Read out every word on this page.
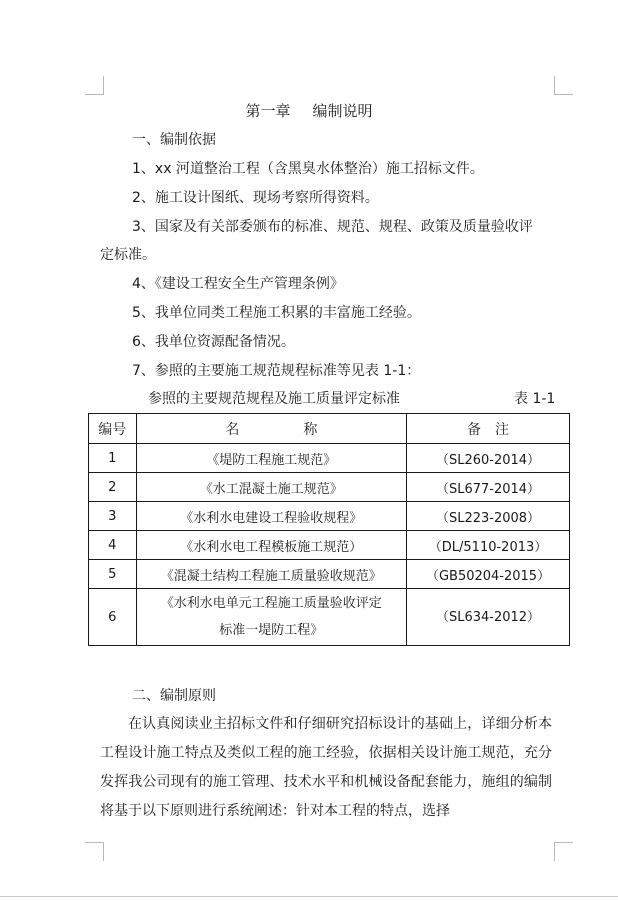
第一章 编制说明
一、编制依据
1、xx 河道整治工程（含黑臭水体整治）施工招标文件。
2、施工设计图纸、现场考察所得资料。
3、国家及有关部委颁布的标准、规范、规程、政策及质量验收评
定标准。
4、《建设工程安全生产管理条例》
5、我单位同类工程施工积累的丰富施工经验。
6、我单位资源配备情况。
7、参照的主要施工规范规程标准等见表 1-1：
参照的主要规范规程及施工质量评定标准	表 1-1
编号	名 称	备 注
1	《堤防工程施工规范》	（SL260-2014）
2	《水工混凝土施工规范》	（SL677-2014）
3	《水利水电建设工程验收规程》	（SL223-2008）
4	《水利水电工程模板施工规范）	（DL/5110-2013）
5	《混凝土结构工程施工质量验收规范》	（GB50204-2015）
6	《水利水电单元工程施工质量验收评定
标准一堤防工程》	（SL634-2012）
二、编制原则
在认真阅读业主招标文件和仔细研究招标设计的基础上，详细分析本工程设计施工特点及类似工程的施工经验，依据相关设计施工规范，充分发挥我公司现有的施工管理、技术水平和机械设备配套能力，施组的编制将基于以下原则进行系统阐述：针对本工程的特点，选择
